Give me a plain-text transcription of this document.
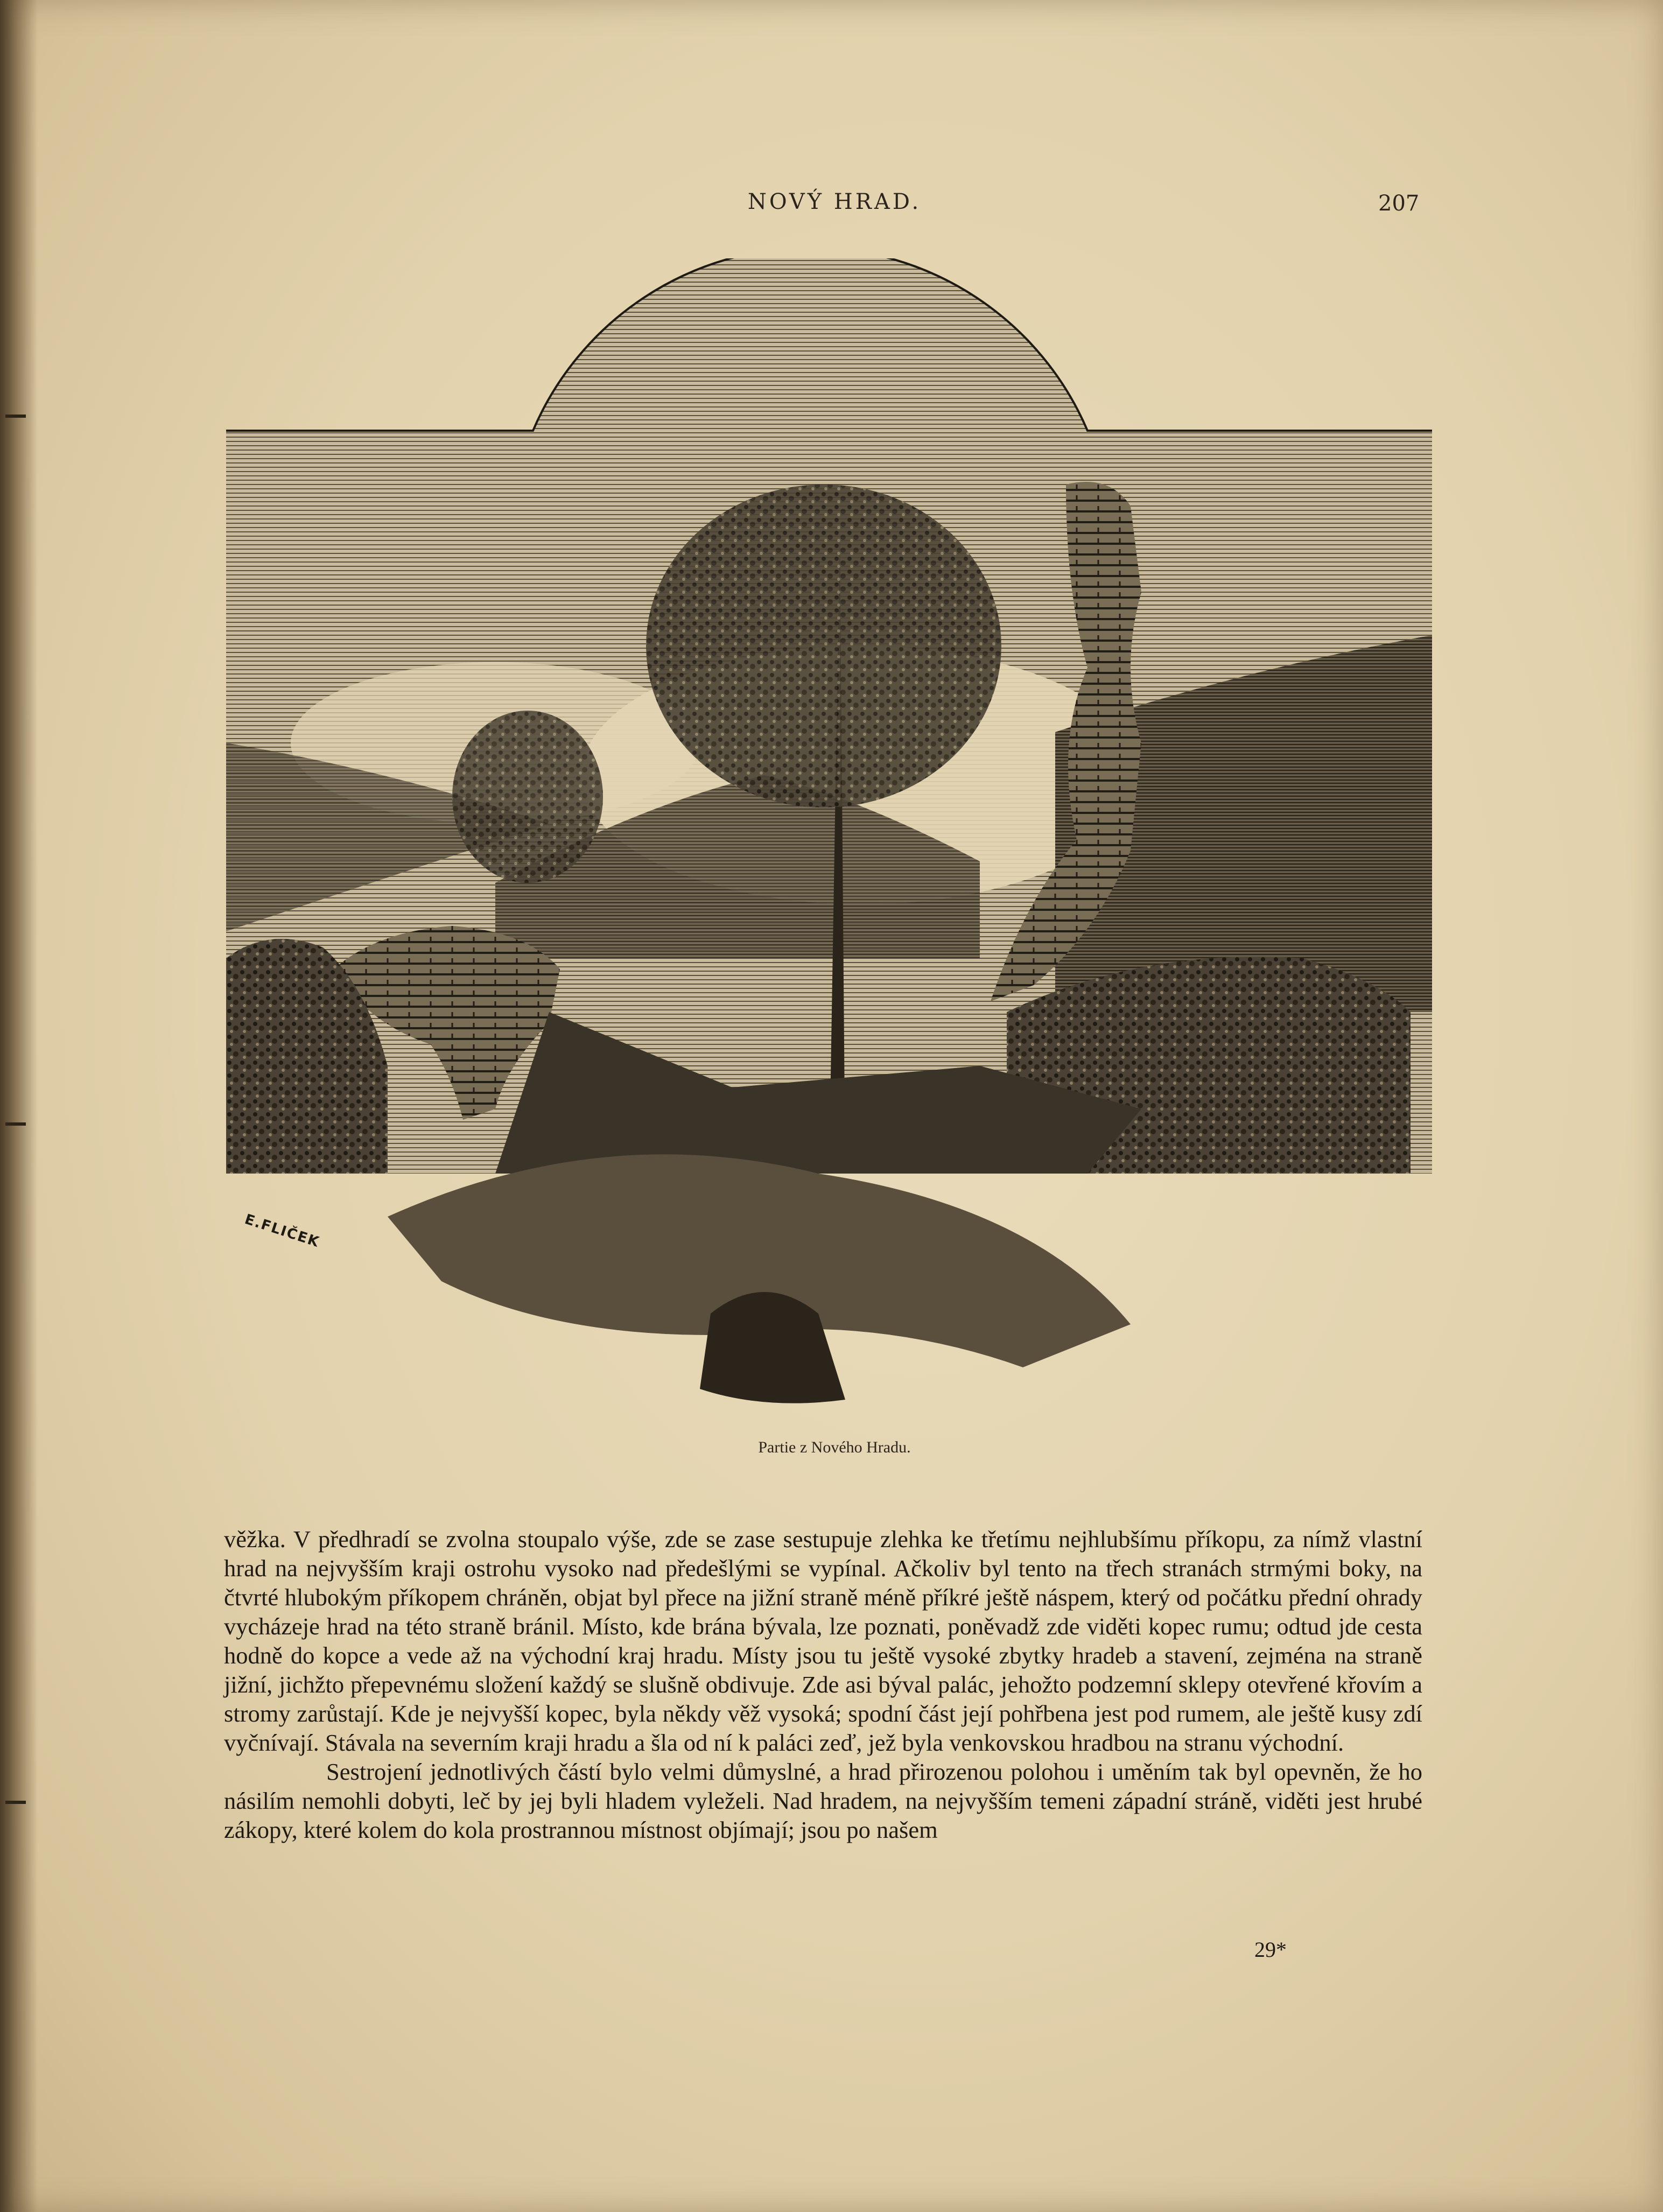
NOVÝ HRAD.	207
E.FLIČEK
Partie z Nového Hradu.

věžka. V předhradí se zvolna stoupalo výše, zde se zase sestupuje zlehka ke třetímu nejhlubšímu příkopu, za nímž vlastní hrad na nejvyšším kraji ostrohu vysoko nad předešlými se vypínal. Ačkoliv byl tento na třech stranách strmými boky, na čtvrté hlubokým příkopem chráněn, objat byl přece na jižní straně méně příkré ještě náspem, který od počátku přední ohrady vycházeje hrad na této straně bránil. Místo, kde brána bývala, lze poznati, poněvadž zde viděti kopec rumu; odtud jde cesta hodně do kopce a vede až na východní kraj hradu. Místy jsou tu ještě vysoké zbytky hradeb a stavení, zejména na straně jižní, jichžto přepevnému složení každý se slušně obdivuje. Zde asi býval palác, jehožto podzemní sklepy otevřené křovím a stromy zarůstají. Kde je nejvyšší kopec, byla někdy věž vysoká; spodní část její pohřbena jest pod rumem, ale ještě kusy zdí vyčnívají. Stávala na severním kraji hradu a šla od ní k paláci zeď, jež byla venkovskou hradbou na stranu východní.

Sestrojení jednotlivých částí bylo velmi důmyslné, a hrad přirozenou polohou i uměním tak byl opevněn, že ho násilím nemohli dobyti, leč by jej byli hladem vyleželi. Nad hradem, na nejvyšším temeni západní stráně, viděti jest hrubé zákopy, které kolem do kola prostrannou místnost objímají; jsou po našem

29*
